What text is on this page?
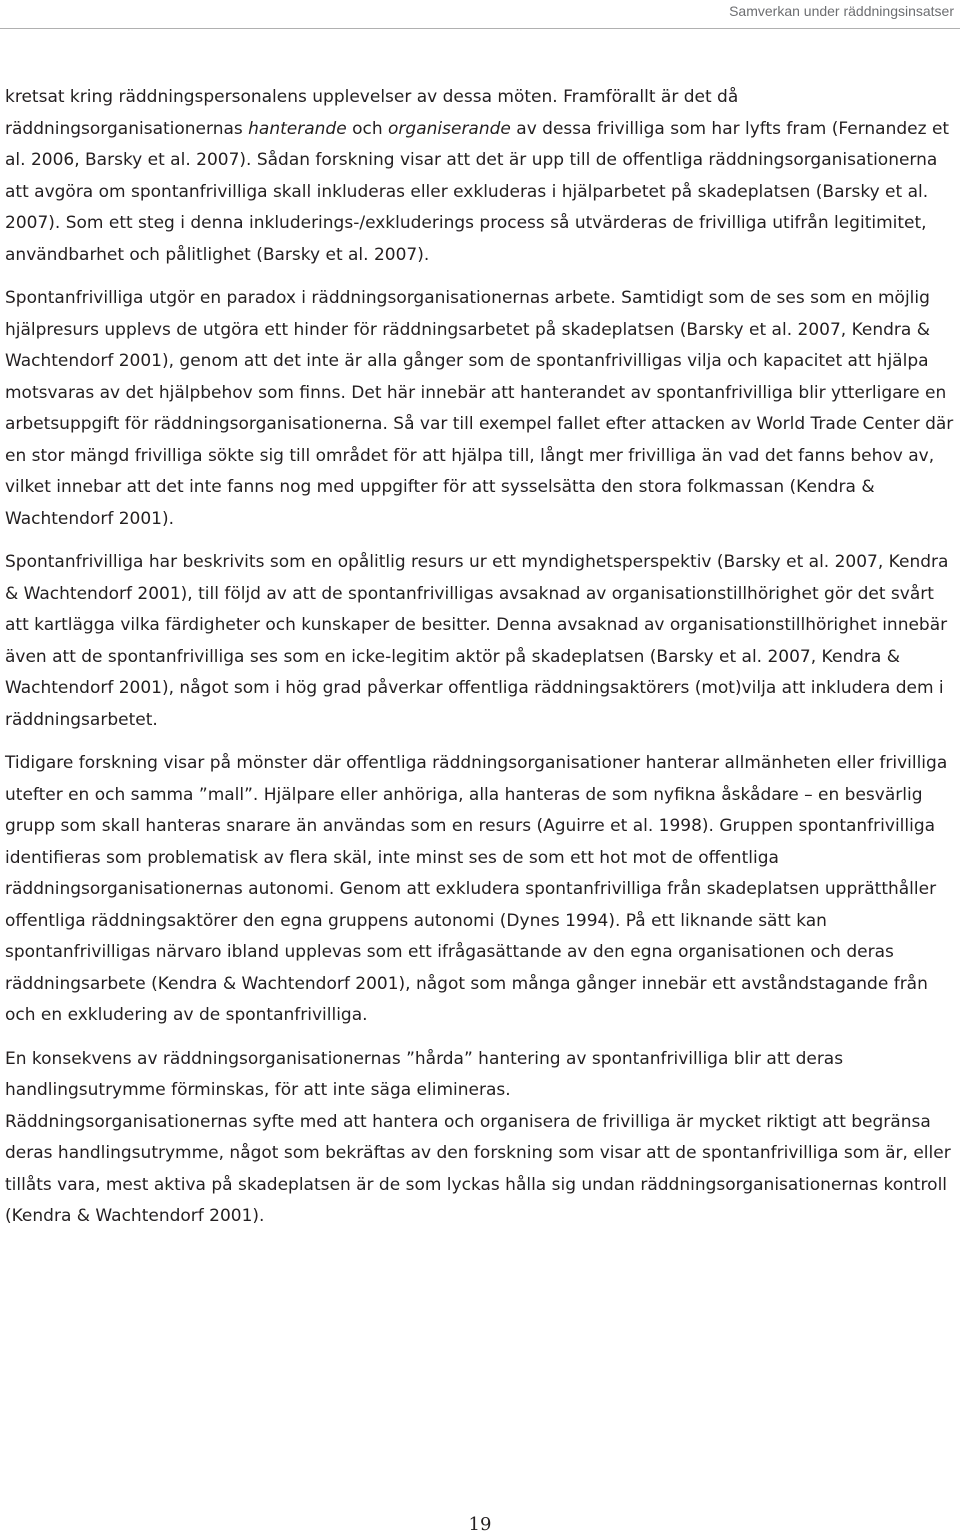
Samverkan under räddningsinsatser

kretsat kring räddningspersonalens upplevelser av dessa möten. Framförallt är det då räddningsorganisationernas hanterande och organiserande av dessa frivilliga som har lyfts fram (Fernandez et al. 2006, Barsky et al. 2007). Sådan forskning visar att det är upp till de offentliga räddningsorganisationerna att avgöra om spontanfrivilliga skall inkluderas eller exkluderas i hjälparbetet på skadeplatsen (Barsky et al. 2007). Som ett steg i denna inkluderings-/exkluderings process så utvärderas de frivilliga utifrån legitimitet, användbarhet och pålitlighet (Barsky et al. 2007).

Spontanfrivilliga utgör en paradox i räddningsorganisationernas arbete. Samtidigt som de ses som en möjlig hjälpresurs upplevs de utgöra ett hinder för räddningsarbetet på skadeplatsen (Barsky et al. 2007, Kendra & Wachtendorf 2001), genom att det inte är alla gånger som de spontanfrivilligas vilja och kapacitet att hjälpa motsvaras av det hjälpbehov som finns. Det här innebär att hanterandet av spontanfrivilliga blir ytterligare en arbetsuppgift för räddningsorganisationerna. Så var till exempel fallet efter attacken av World Trade Center där en stor mängd frivilliga sökte sig till området för att hjälpa till, långt mer frivilliga än vad det fanns behov av, vilket innebar att det inte fanns nog med uppgifter för att sysselsätta den stora folkmassan (Kendra & Wachtendorf 2001).

Spontanfrivilliga har beskrivits som en opålitlig resurs ur ett myndighetsperspektiv (Barsky et al. 2007, Kendra & Wachtendorf 2001), till följd av att de spontanfrivilligas avsaknad av organisationstillhörighet gör det svårt att kartlägga vilka färdigheter och kunskaper de besitter. Denna avsaknad av organisationstillhörighet innebär även att de spontanfrivilliga ses som en icke-legitim aktör på skadeplatsen (Barsky et al. 2007, Kendra & Wachtendorf 2001), något som i hög grad påverkar offentliga räddningsaktörers (mot)vilja att inkludera dem i räddningsarbetet.

Tidigare forskning visar på mönster där offentliga räddningsorganisationer hanterar allmänheten eller frivilliga utefter en och samma ”mall”. Hjälpare eller anhöriga, alla hanteras de som nyfikna åskådare – en besvärlig grupp som skall hanteras snarare än användas som en resurs (Aguirre et al. 1998). Gruppen spontanfrivilliga identifieras som problematisk av flera skäl, inte minst ses de som ett hot mot de offentliga räddningsorganisationernas autonomi. Genom att exkludera spontanfrivilliga från skadeplatsen upprätthåller offentliga räddningsaktörer den egna gruppens autonomi (Dynes 1994). På ett liknande sätt kan spontanfrivilligas närvaro ibland upplevas som ett ifrågasättande av den egna organisationen och deras räddningsarbete (Kendra & Wachtendorf 2001), något som många gånger innebär ett avståndstagande från och en exkludering av de spontanfrivilliga.

En konsekvens av räddningsorganisationernas ”hårda” hantering av spontanfrivilliga blir att deras handlingsutrymme förminskas, för att inte säga elimineras.

Räddningsorganisationernas syfte med att hantera och organisera de frivilliga är mycket riktigt att begränsa deras handlingsutrymme, något som bekräftas av den forskning som visar att de spontanfrivilliga som är, eller tillåts vara, mest aktiva på skadeplatsen är de som lyckas hålla sig undan räddningsorganisationernas kontroll (Kendra & Wachtendorf 2001).

19
